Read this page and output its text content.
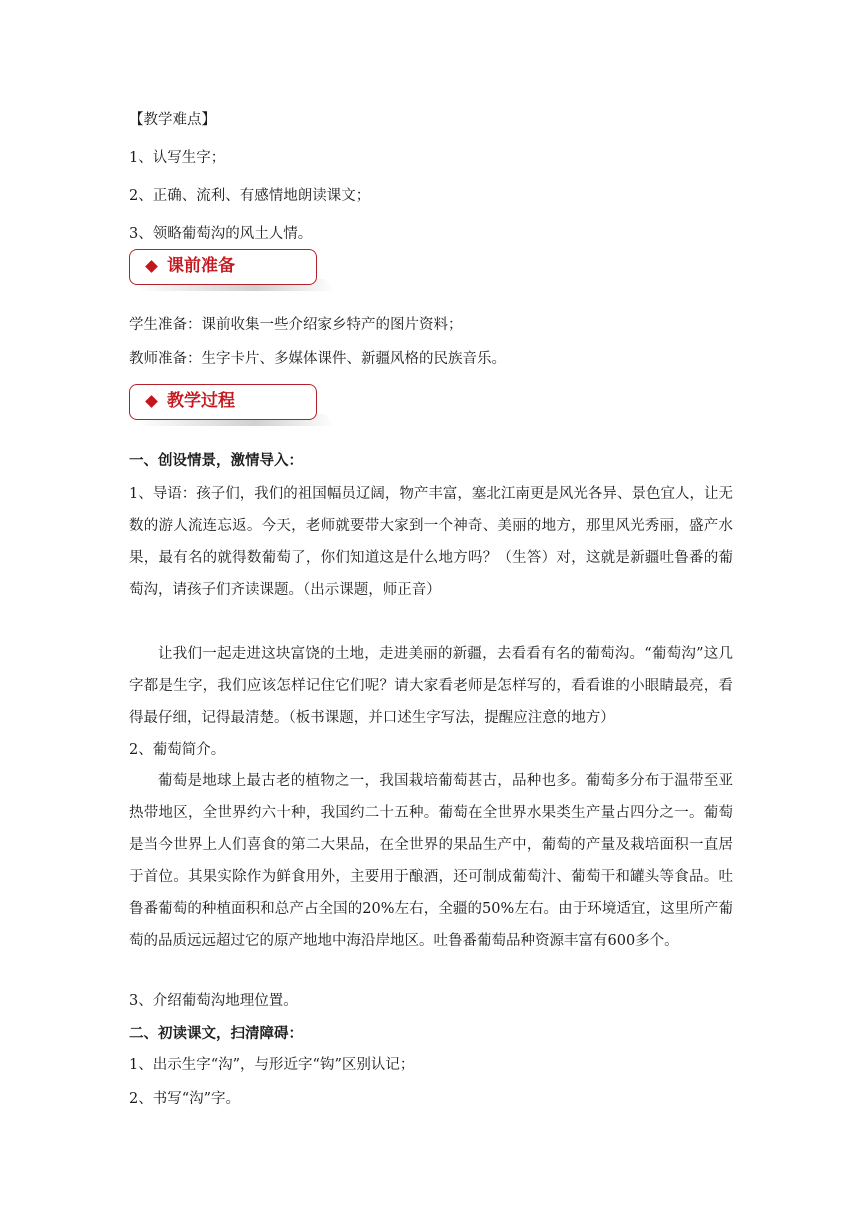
【教学难点】
1、认写生字；
2、正确、流利、有感情地朗读课文；
3、领略葡萄沟的风土人情。
课前准备
学生准备：课前收集一些介绍家乡特产的图片资料；
教师准备：生字卡片、多媒体课件、新疆风格的民族音乐。
教学过程
一、创设情景，激情导入：
1、导语：孩子们，我们的祖国幅员辽阔，物产丰富，塞北江南更是风光各异、景色宜人，让无数的游人流连忘返。今天，老师就要带大家到一个神奇、美丽的地方，那里风光秀丽，盛产水果，最有名的就得数葡萄了，你们知道这是什么地方吗？（生答）对，这就是新疆吐鲁番的葡萄沟，请孩子们齐读课题。（出示课题，师正音）
让我们一起走进这块富饶的土地，走进美丽的新疆，去看看有名的葡萄沟。“葡萄沟”这几字都是生字，我们应该怎样记住它们呢？请大家看老师是怎样写的，看看谁的小眼睛最亮，看得最仔细，记得最清楚。（板书课题，并口述生字写法，提醒应注意的地方）
2、葡萄简介。
葡萄是地球上最古老的植物之一，我国栽培葡萄甚古，品种也多。葡萄多分布于温带至亚热带地区，全世界约六十种，我国约二十五种。葡萄在全世界水果类生产量占四分之一。葡萄是当今世界上人们喜食的第二大果品，在全世界的果品生产中，葡萄的产量及栽培面积一直居于首位。其果实除作为鲜食用外，主要用于酿酒，还可制成葡萄汁、葡萄干和罐头等食品。吐鲁番葡萄的种植面积和总产占全国的20%左右，全疆的50%左右。由于环境适宜，这里所产葡萄的品质远远超过它的原产地地中海沿岸地区。吐鲁番葡萄品种资源丰富有600多个。
3、介绍葡萄沟地理位置。
二、初读课文，扫清障碍：
1、出示生字“沟”，与形近字“钩”区别认记；
2、书写“沟”字。
